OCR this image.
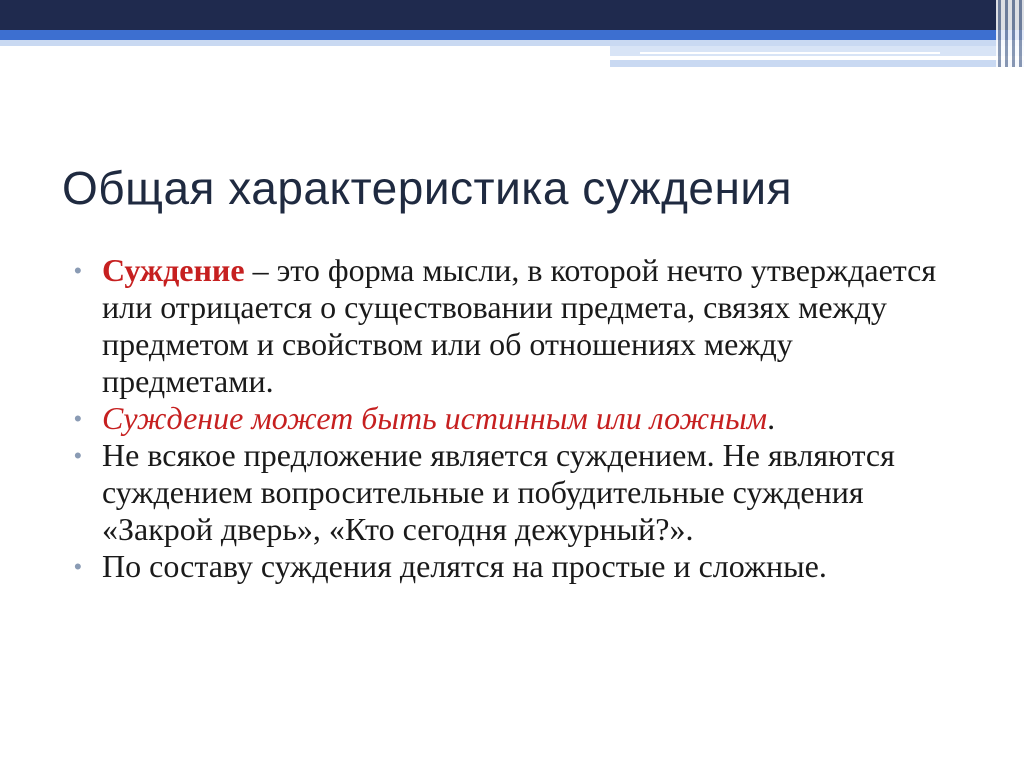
Общая характеристика суждения
• Суждение – это форма мысли, в которой нечто утверждается или отрицается о существовании предмета, связях между предметом и свойством или об отношениях между предметами.
• Суждение может быть истинным или ложным.
• Не всякое предложение является суждением. Не являются суждением вопросительные и побудительные суждения «Закрой дверь», «Кто сегодня дежурный?».
• По составу суждения делятся на простые и сложные.
